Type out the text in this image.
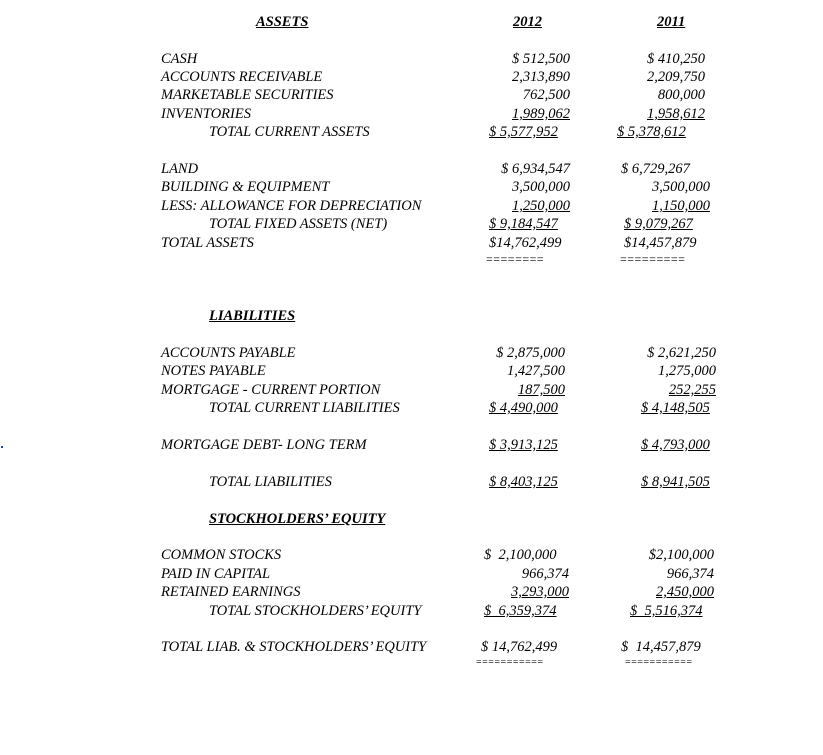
ASSETS	2012	2011
CASH	$ 512,500	$ 410,250
ACCOUNTS RECEIVABLE	2,313,890	2,209,750
MARKETABLE SECURITIES	762,500	800,000
INVENTORIES	1,989,062	1,958,612
TOTAL CURRENT ASSETS	$ 5,577,952	$ 5,378,612
LAND	$ 6,934,547	$ 6,729,267
BUILDING & EQUIPMENT	3,500,000	3,500,000
LESS: ALLOWANCE FOR DEPRECIATION	1,250,000	1,150,000
TOTAL FIXED ASSETS (NET)	$ 9,184,547	$ 9,079,267
TOTAL ASSETS	$14,762,499	$14,457,879
========	=========
LIABILITIES
ACCOUNTS PAYABLE	$ 2,875,000	$ 2,621,250
NOTES PAYABLE	1,427,500	1,275,000
MORTGAGE - CURRENT PORTION	187,500	252,255
TOTAL CURRENT LIABILITIES	$ 4,490,000	$ 4,148,505
MORTGAGE DEBT- LONG TERM	$ 3,913,125	$ 4,793,000
TOTAL LIABILITIES	$ 8,403,125	$ 8,941,505
STOCKHOLDERS’ EQUITY
COMMON STOCKS	$  2,100,000	$2,100,000
PAID IN CAPITAL	966,374	966,374
RETAINED EARNINGS	3,293,000	2,450,000
TOTAL STOCKHOLDERS’ EQUITY	$  6,359,374	$  5,516,374
TOTAL LIAB. & STOCKHOLDERS’ EQUITY	$ 14,762,499	$  14,457,879
===========	===========
